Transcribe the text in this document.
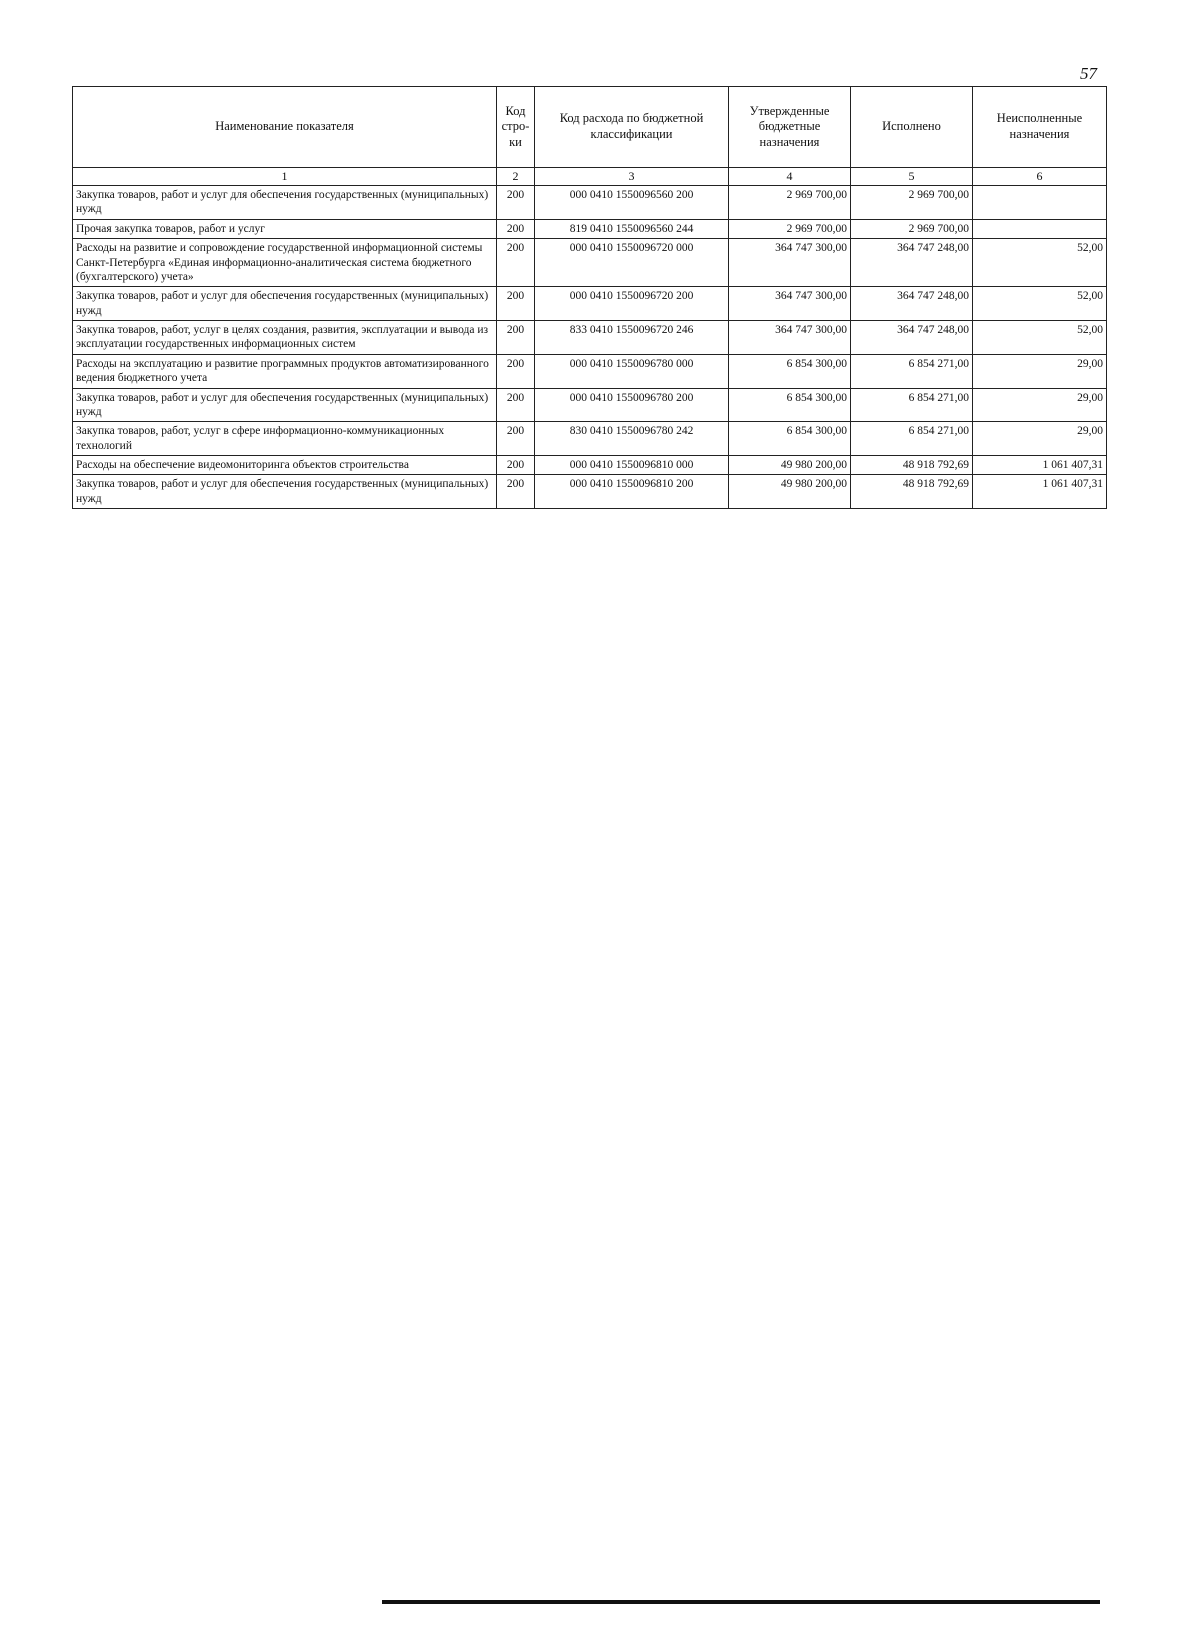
57
Наименование показателя	Код стро-ки	Код расхода по бюджетной классификации	Утвержденные бюджетные назначения	Исполнено	Неисполненные назначения
1	2	3	4	5	6
Закупка товаров, работ и услуг для обеспечения государственных (муниципальных) нужд	200	000 0410 1550096560 200	2 969 700,00	2 969 700,00	
Прочая закупка товаров, работ и услуг	200	819 0410 1550096560 244	2 969 700,00	2 969 700,00	
Расходы на развитие и сопровождение государственной информационной системы Санкт-Петербурга «Единая информационно-аналитическая система бюджетного (бухгалтерского) учета»	200	000 0410 1550096720 000	364 747 300,00	364 747 248,00	52,00
Закупка товаров, работ и услуг для обеспечения государственных (муниципальных) нужд	200	000 0410 1550096720 200	364 747 300,00	364 747 248,00	52,00
Закупка товаров, работ, услуг в целях создания, развития, эксплуатации и вывода из эксплуатации государственных информационных систем	200	833 0410 1550096720 246	364 747 300,00	364 747 248,00	52,00
Расходы на эксплуатацию и развитие программных продуктов автоматизированного ведения бюджетного учета	200	000 0410 1550096780 000	6 854 300,00	6 854 271,00	29,00
Закупка товаров, работ и услуг для обеспечения государственных (муниципальных) нужд	200	000 0410 1550096780 200	6 854 300,00	6 854 271,00	29,00
Закупка товаров, работ, услуг в сфере информационно-коммуникационных технологий	200	830 0410 1550096780 242	6 854 300,00	6 854 271,00	29,00
Расходы на обеспечение видеомониторинга объектов строительства	200	000 0410 1550096810 000	49 980 200,00	48 918 792,69	1 061 407,31
Закупка товаров, работ и услуг для обеспечения государственных (муниципальных) нужд	200	000 0410 1550096810 200	49 980 200,00	48 918 792,69	1 061 407,31
